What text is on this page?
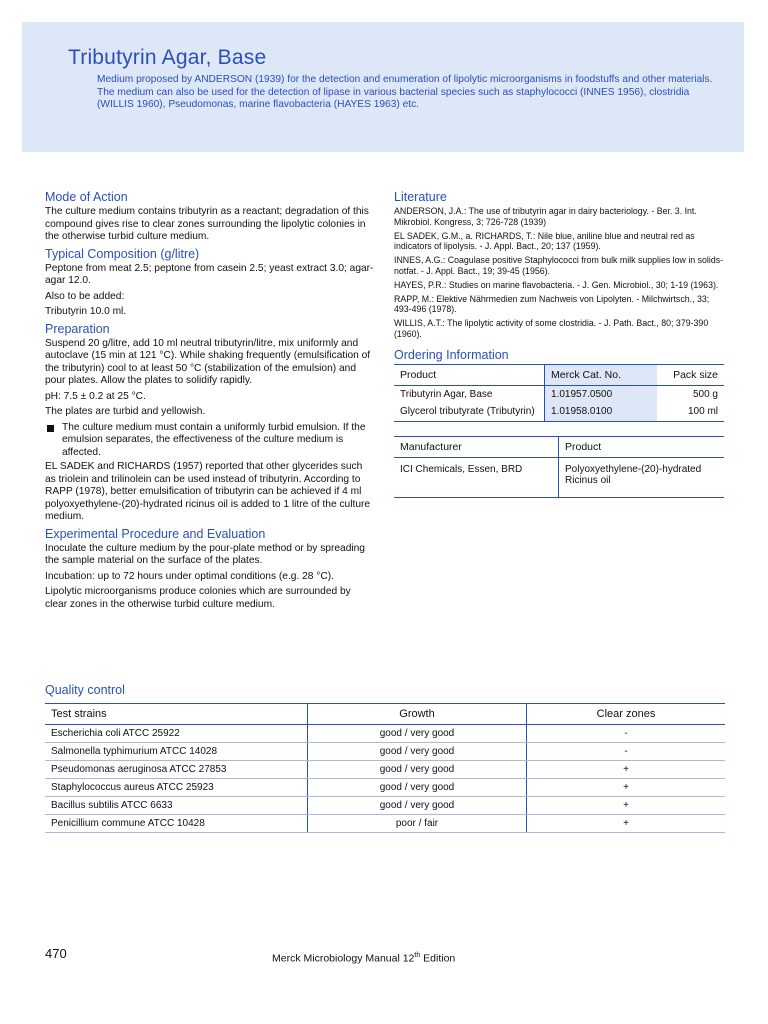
Tributyrin Agar, Base

Medium proposed by ANDERSON (1939) for the detection and enumeration of lipolytic microorganisms in foodstuffs and other materials. The medium can also be used for the detection of lipase in various bacterial species such as staphylococci (INNES 1956), clostridia (WILLIS 1960), Pseudomonas, marine flavobacteria (HAYES 1963) etc.

Mode of Action

The culture medium contains tributyrin as a reactant; degradation of this compound gives rise to clear zones surrounding the lipolytic colonies in the otherwise turbid culture medium.

Typical Composition (g/litre)

Peptone from meat 2.5; peptone from casein 2.5; yeast extract 3.0; agar-agar 12.0.

Also to be added:

Tributyrin 10.0 ml.

Preparation

Suspend 20 g/litre, add 10 ml neutral tributyrin/litre, mix uniformly and autoclave (15 min at 121 °C). While shaking frequently (emulsification of the tributyrin) cool to at least 50 °C (stabilization of the emulsion) and pour plates. Allow the plates to solidify rapidly.

pH: 7.5 ± 0.2 at 25 °C.

The plates are turbid and yellowish.

The culture medium must contain a uniformly turbid emulsion. If the emulsion separates, the effectiveness of the culture medium is affected.

EL SADEK and RICHARDS (1957) reported that other glycerides such as triolein and trilinolein can be used instead of tributyrin. According to RAPP (1978), better emulsification of tributyrin can be achieved if 4 ml polyoxyethylene-(20)-hydrated ricinus oil is added to 1 litre of the culture medium.

Experimental Procedure and Evaluation

Inoculate the culture medium by the pour-plate method or by spreading the sample material on the surface of the plates.

Incubation: up to 72 hours under optimal conditions (e.g. 28 °C).

Lipolytic microorganisms produce colonies which are surrounded by clear zones in the otherwise turbid culture medium.

Literature

ANDERSON, J.A.: The use of tributyrin agar in dairy bacteriology. - Ber. 3. Int. Mikrobiol. Kongress, 3; 726-728 (1939)

EL SADEK, G.M., a. RICHARDS, T.: Nile blue, aniline blue and neutral red as indicators of lipolysis. - J. Appl. Bact., 20; 137 (1959).

INNES, A.G.: Coagulase positive Staphylococci from bulk milk supplies low in solids-notfat. - J. Appl. Bact., 19; 39-45 (1956).

HAYES, P.R.: Studies on marine flavobacteria. - J. Gen. Microbiol., 30; 1-19 (1963).

RAPP, M.: Elektive Nährmedien zum Nachweis von Lipolyten. - Milchwirtsch., 33; 493-496 (1978).

WILLIS, A.T.: The lipolytic activity of some clostridia. - J. Path. Bact., 80; 379-390 (1960).

Ordering Information
Product	Merck Cat. No.	Pack size
Tributyrin Agar, Base	1.01957.0500	500 g
Glycerol tributyrate (Tributyrin)	1.01958.0100	100 ml
Manufacturer	Product
ICI Chemicals, Essen, BRD	Polyoxyethylene-(20)-hydrated Ricinus oil
Quality control
Test strains	Growth	Clear zones
Escherichia coli ATCC 25922	good / very good	-
Salmonella typhimurium ATCC 14028	good / very good	-
Pseudomonas aeruginosa ATCC 27853	good / very good	+
Staphylococcus aureus ATCC 25923	good / very good	+
Bacillus subtilis ATCC 6633	good / very good	+
Penicillium commune ATCC 10428	poor / fair	+

470	Merck Microbiology Manual 12th Edition
